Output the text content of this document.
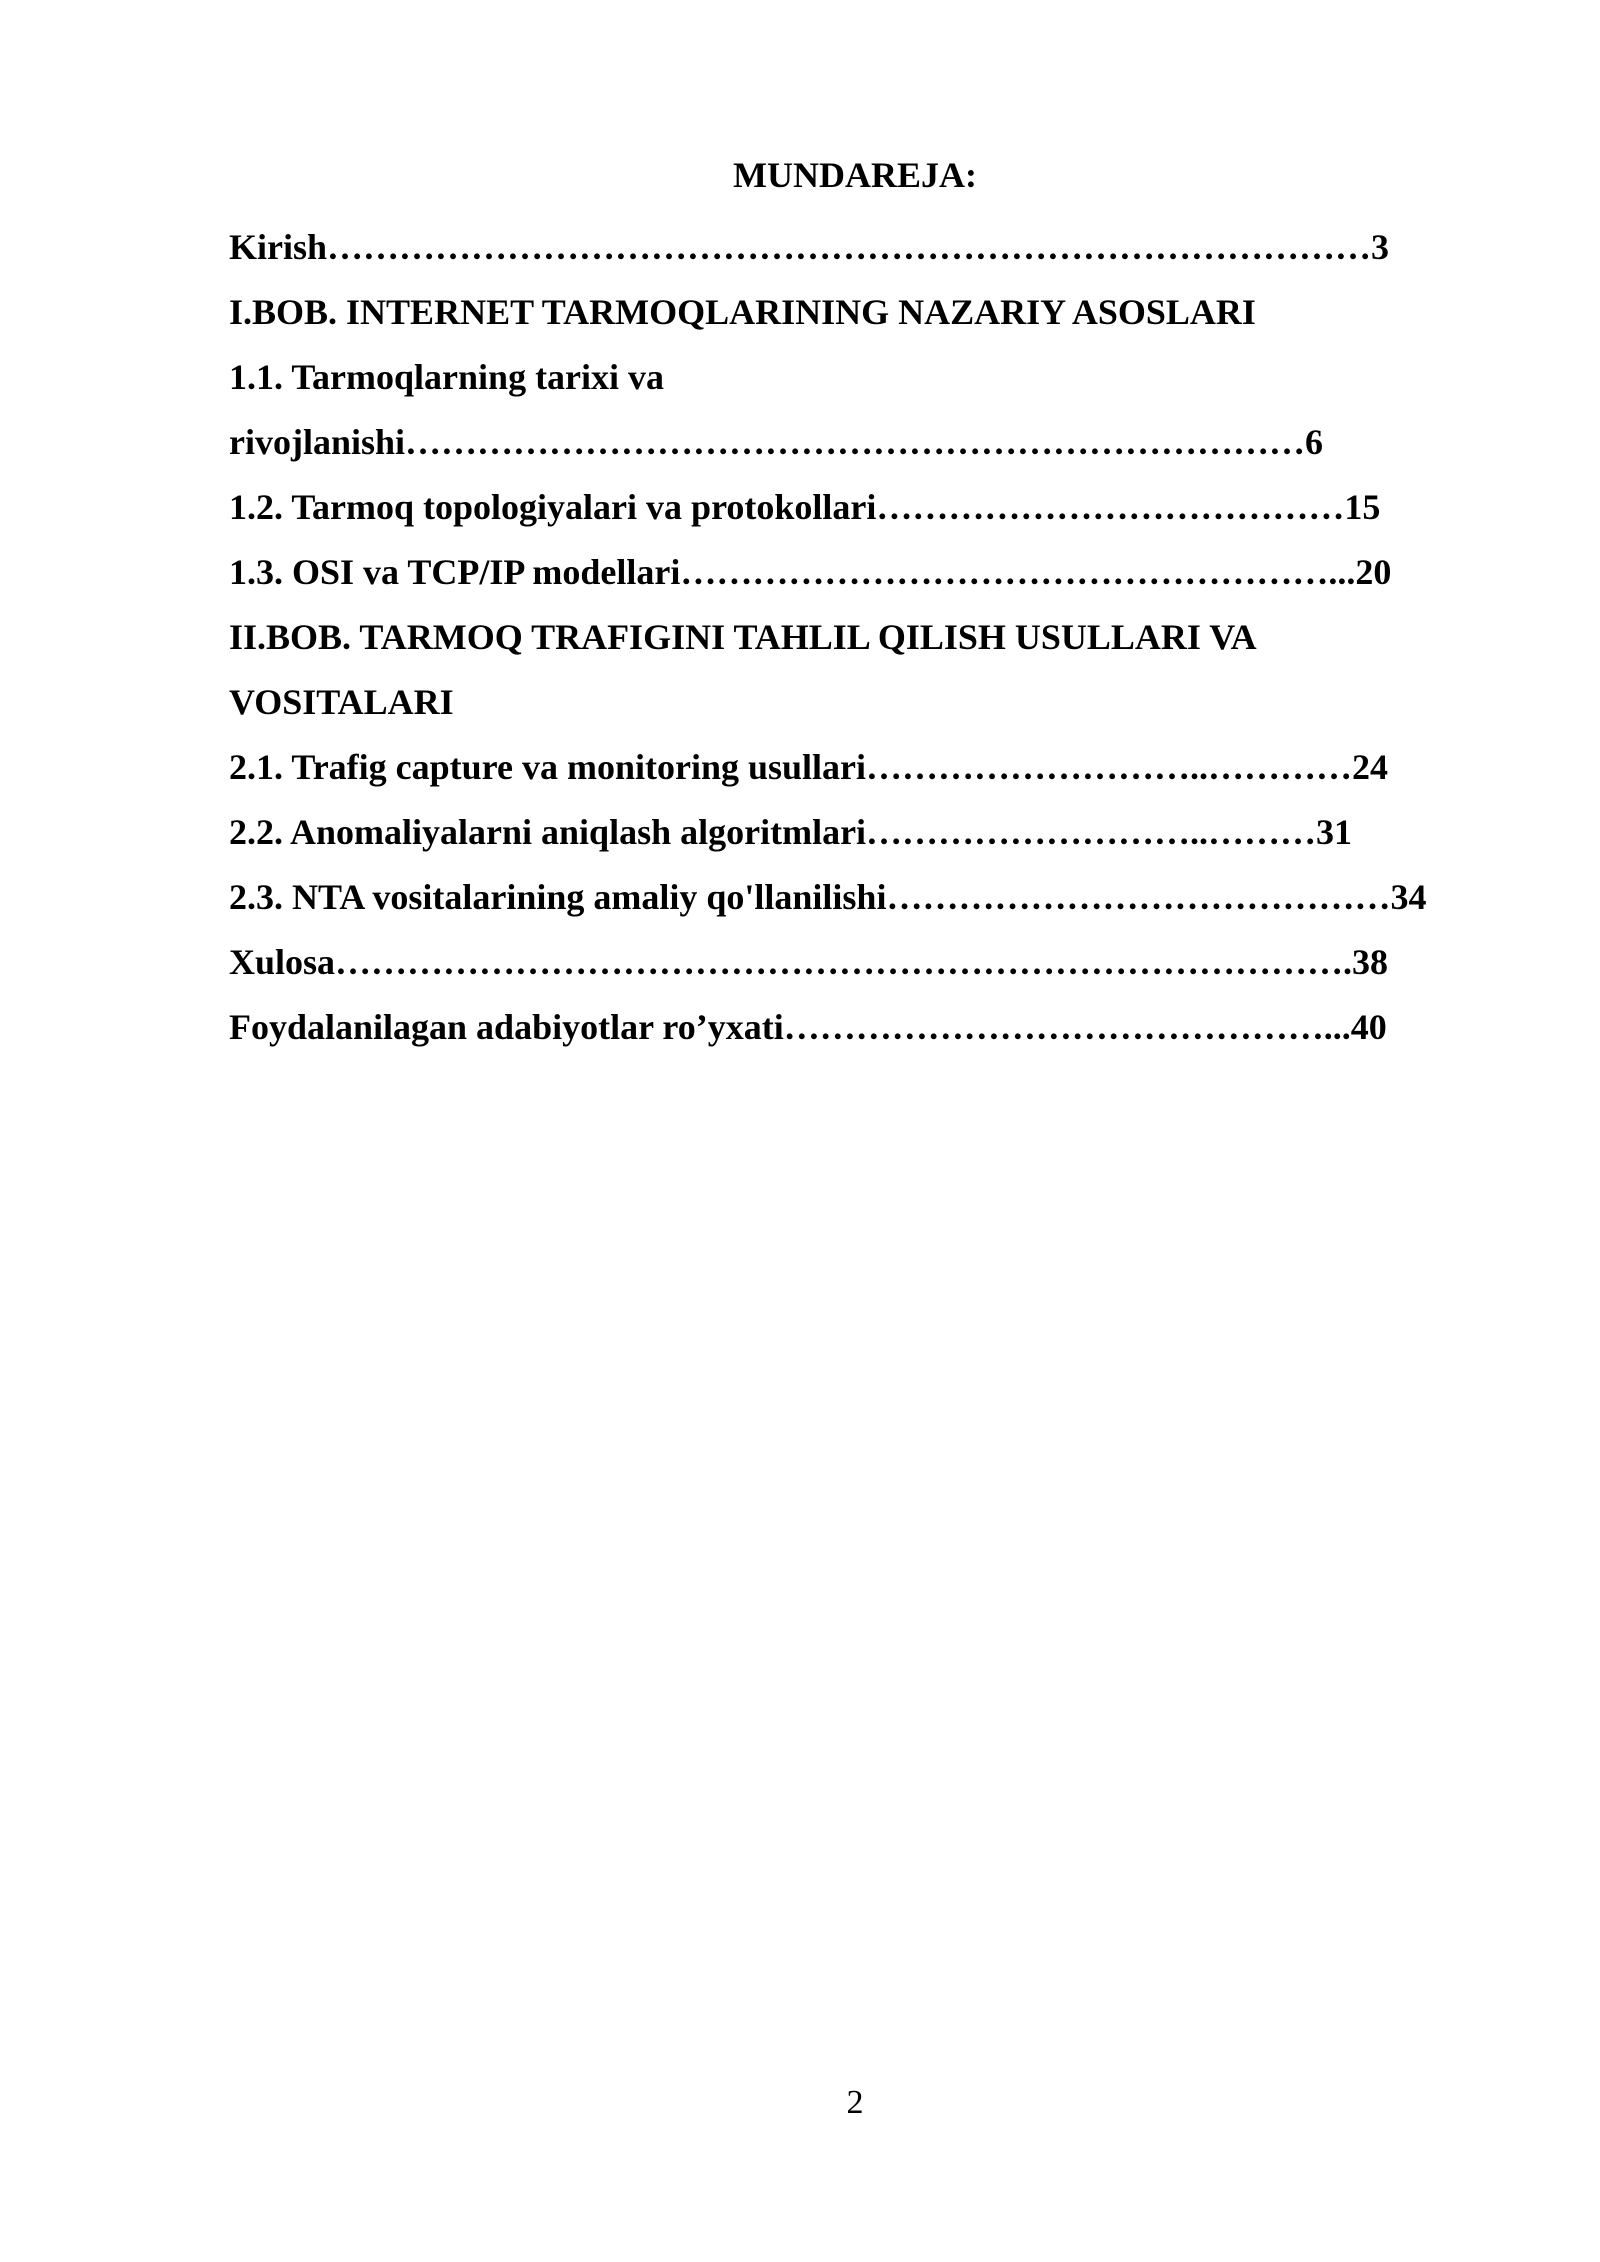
MUNDAREJA:
Kirish……………………………………………………………………………3
I.BOB. INTERNET TARMOQLARINING NAZARIY ASOSLARI
1.1. Tarmoqlarning tarixi va
rivojlanishi…………………………………………………………………6
1.2. Tarmoq topologiyalari va protokollari…………………………………15
1.3. OSI va TCP/IP modellari………………………………………………...20
II.BOB. TARMOQ TRAFIGINI TAHLIL QILISH USULLARI VA
VOSITALARI
2.1. Trafig capture va monitoring usullari………………………..…………24
2.2. Anomaliyalarni aniqlash algoritmlari………………………..………31
2.3. NTA vositalarining amaliy qo'llanilishi……………………………………34
Xulosa………………………………………………………………………….38
Foydalanilagan adabiyotlar ro’yxati………………………………………...40
2
